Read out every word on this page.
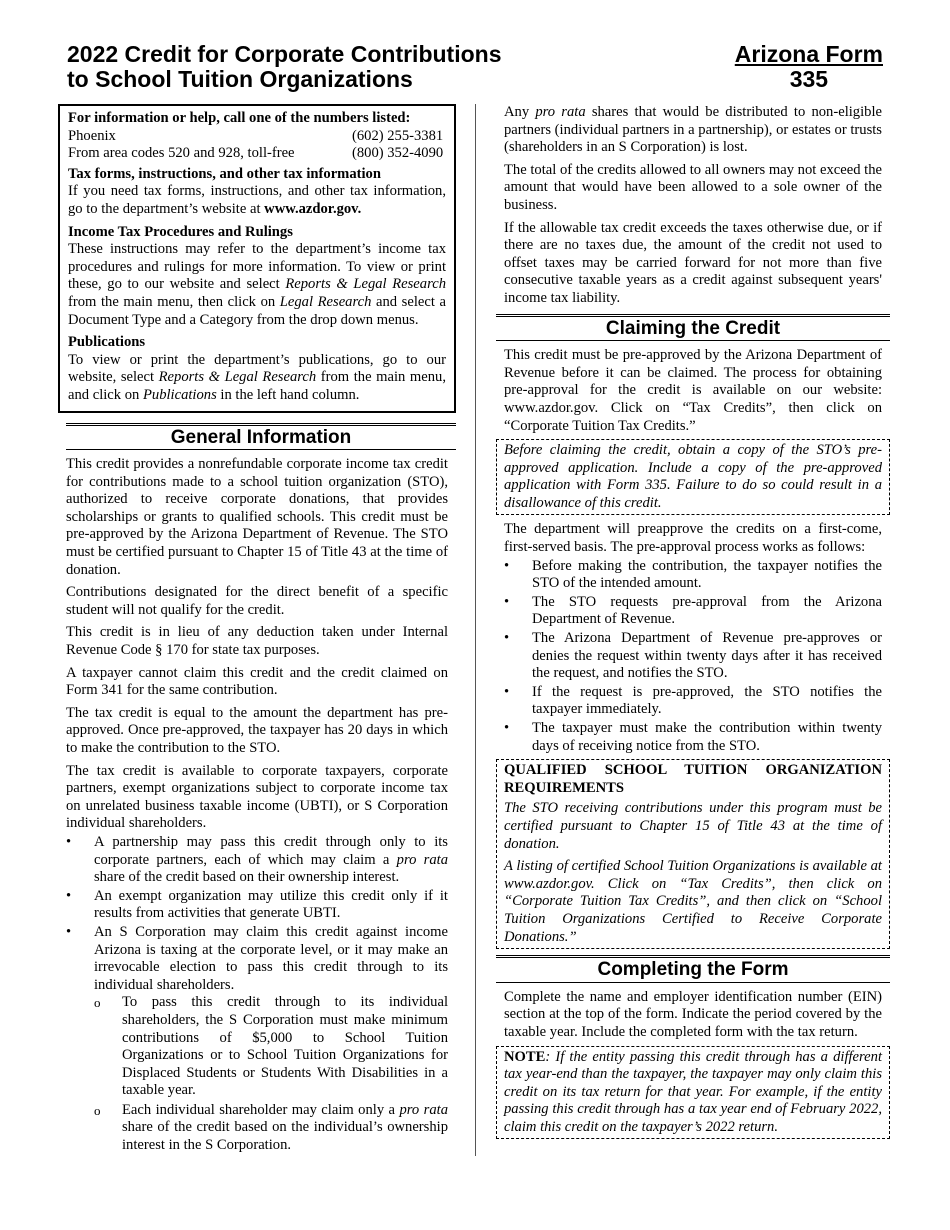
2022 Credit for Corporate Contributions
to School Tuition Organizations
Arizona Form
335
For information or help, call one of the numbers listed:
Phoenix	(602) 255-3381
From area codes 520 and 928, toll-free	(800) 352-4090
Tax forms, instructions, and other tax information

If you need tax forms, instructions, and other tax information, go to the department’s website at www.azdor.gov.

Income Tax Procedures and Rulings

These instructions may refer to the department’s income tax procedures and rulings for more information. To view or print these, go to our website and select Reports & Legal Research from the main menu, then click on Legal Research and select a Document Type and a Category from the drop down menus.

Publications

To view or print the department’s publications, go to our website, select Reports & Legal Research from the main menu, and click on Publications in the left hand column.

General Information

This credit provides a nonrefundable corporate income tax credit for contributions made to a school tuition organization (STO), authorized to receive corporate donations, that provides scholarships or grants to qualified schools. This credit must be pre-approved by the Arizona Department of Revenue. The STO must be certified pursuant to Chapter 15 of Title 43 at the time of donation.

Contributions designated for the direct benefit of a specific student will not qualify for the credit.

This credit is in lieu of any deduction taken under Internal Revenue Code § 170 for state tax purposes.

A taxpayer cannot claim this credit and the credit claimed on Form 341 for the same contribution.

The tax credit is equal to the amount the department has pre-approved. Once pre-approved, the taxpayer has 20 days in which to make the contribution to the STO.

The tax credit is available to corporate taxpayers, corporate partners, exempt organizations subject to corporate income tax on unrelated business taxable income (UBTI), or S Corporation individual shareholders.

• A partnership may pass this credit through only to its corporate partners, each of which may claim a pro rata share of the credit based on their ownership interest.
• An exempt organization may utilize this credit only if it results from activities that generate UBTI.
• An S Corporation may claim this credit against income Arizona is taxing at the corporate level, or it may make an irrevocable election to pass this credit through to its individual shareholders.
o To pass this credit through to its individual shareholders, the S Corporation must make minimum contributions of $5,000 to School Tuition Organizations or to School Tuition Organizations for Displaced Students or Students With Disabilities in a taxable year.
o Each individual shareholder may claim only a pro rata share of the credit based on the individual’s ownership interest in the S Corporation.

Any pro rata shares that would be distributed to non-eligible partners (individual partners in a partnership), or estates or trusts (shareholders in an S Corporation) is lost.

The total of the credits allowed to all owners may not exceed the amount that would have been allowed to a sole owner of the business.

If the allowable tax credit exceeds the taxes otherwise due, or if there are no taxes due, the amount of the credit not used to offset taxes may be carried forward for not more than five consecutive taxable years as a credit against subsequent years' income tax liability.

Claiming the Credit

This credit must be pre-approved by the Arizona Department of Revenue before it can be claimed. The process for obtaining pre-approval for the credit is available on our website: www.azdor.gov. Click on “Tax Credits”, then click on “Corporate Tuition Tax Credits.”

Before claiming the credit, obtain a copy of the STO’s pre-approved application. Include a copy of the pre-approved application with Form 335. Failure to do so could result in a disallowance of this credit.

The department will preapprove the credits on a first-come, first-served basis. The pre-approval process works as follows:

• Before making the contribution, the taxpayer notifies the STO of the intended amount.
• The STO requests pre-approval from the Arizona Department of Revenue.
• The Arizona Department of Revenue pre-approves or denies the request within twenty days after it has received the request, and notifies the STO.
• If the request is pre-approved, the STO notifies the taxpayer immediately.
• The taxpayer must make the contribution within twenty days of receiving notice from the STO.

QUALIFIED SCHOOL TUITION ORGANIZATION REQUIREMENTS

The STO receiving contributions under this program must be certified pursuant to Chapter 15 of Title 43 at the time of donation.

A listing of certified School Tuition Organizations is available at www.azdor.gov. Click on “Tax Credits”, then click on “Corporate Tuition Tax Credits”, and then click on “School Tuition Organizations Certified to Receive Corporate Donations.”

Completing the Form

Complete the name and employer identification number (EIN) section at the top of the form. Indicate the period covered by the taxable year. Include the completed form with the tax return.

NOTE: If the entity passing this credit through has a different tax year-end than the taxpayer, the taxpayer may only claim this credit on its tax return for that year. For example, if the entity passing this credit through has a tax year end of February 2022, claim this credit on the taxpayer’s 2022 return.
